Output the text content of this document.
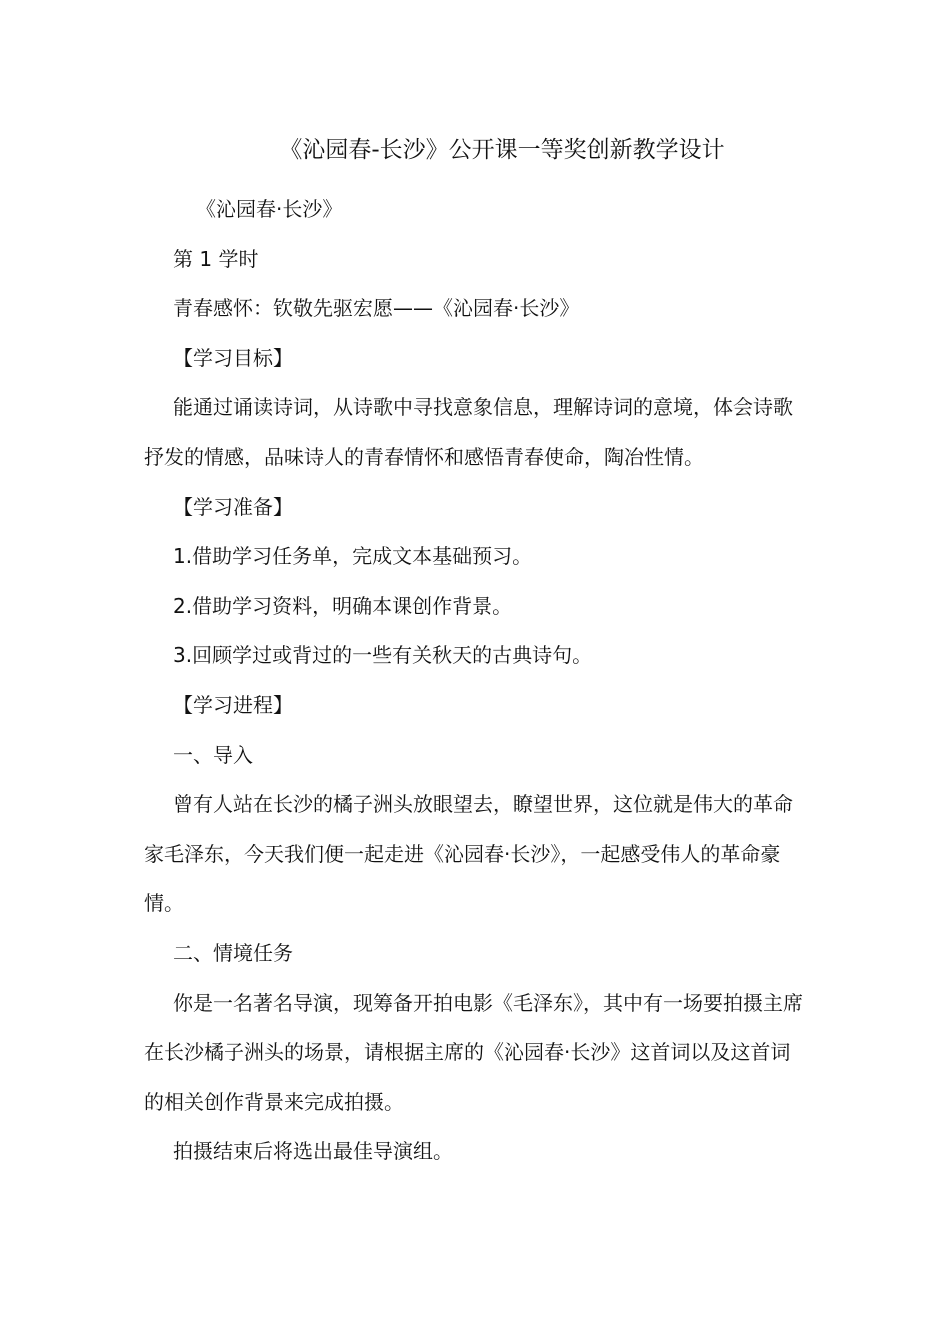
《沁园春-长沙》公开课一等奖创新教学设计

《沁园春·长沙》

第 1 学时

青春感怀：钦敬先驱宏愿——《沁园春·长沙》

【学习目标】

能通过诵读诗词，从诗歌中寻找意象信息，理解诗词的意境，体会诗歌抒发的情感，品味诗人的青春情怀和感悟青春使命，陶冶性情。

【学习准备】

1.借助学习任务单，完成文本基础预习。

2.借助学习资料，明确本课创作背景。

3.回顾学过或背过的一些有关秋天的古典诗句。

【学习进程】

一、导入

曾有人站在长沙的橘子洲头放眼望去，瞭望世界，这位就是伟大的革命家毛泽东，今天我们便一起走进《沁园春·长沙》，一起感受伟人的革命豪情。

二、情境任务

你是一名著名导演，现筹备开拍电影《毛泽东》，其中有一场要拍摄主席在长沙橘子洲头的场景，请根据主席的《沁园春·长沙》这首词以及这首词的相关创作背景来完成拍摄。

拍摄结束后将选出最佳导演组。
